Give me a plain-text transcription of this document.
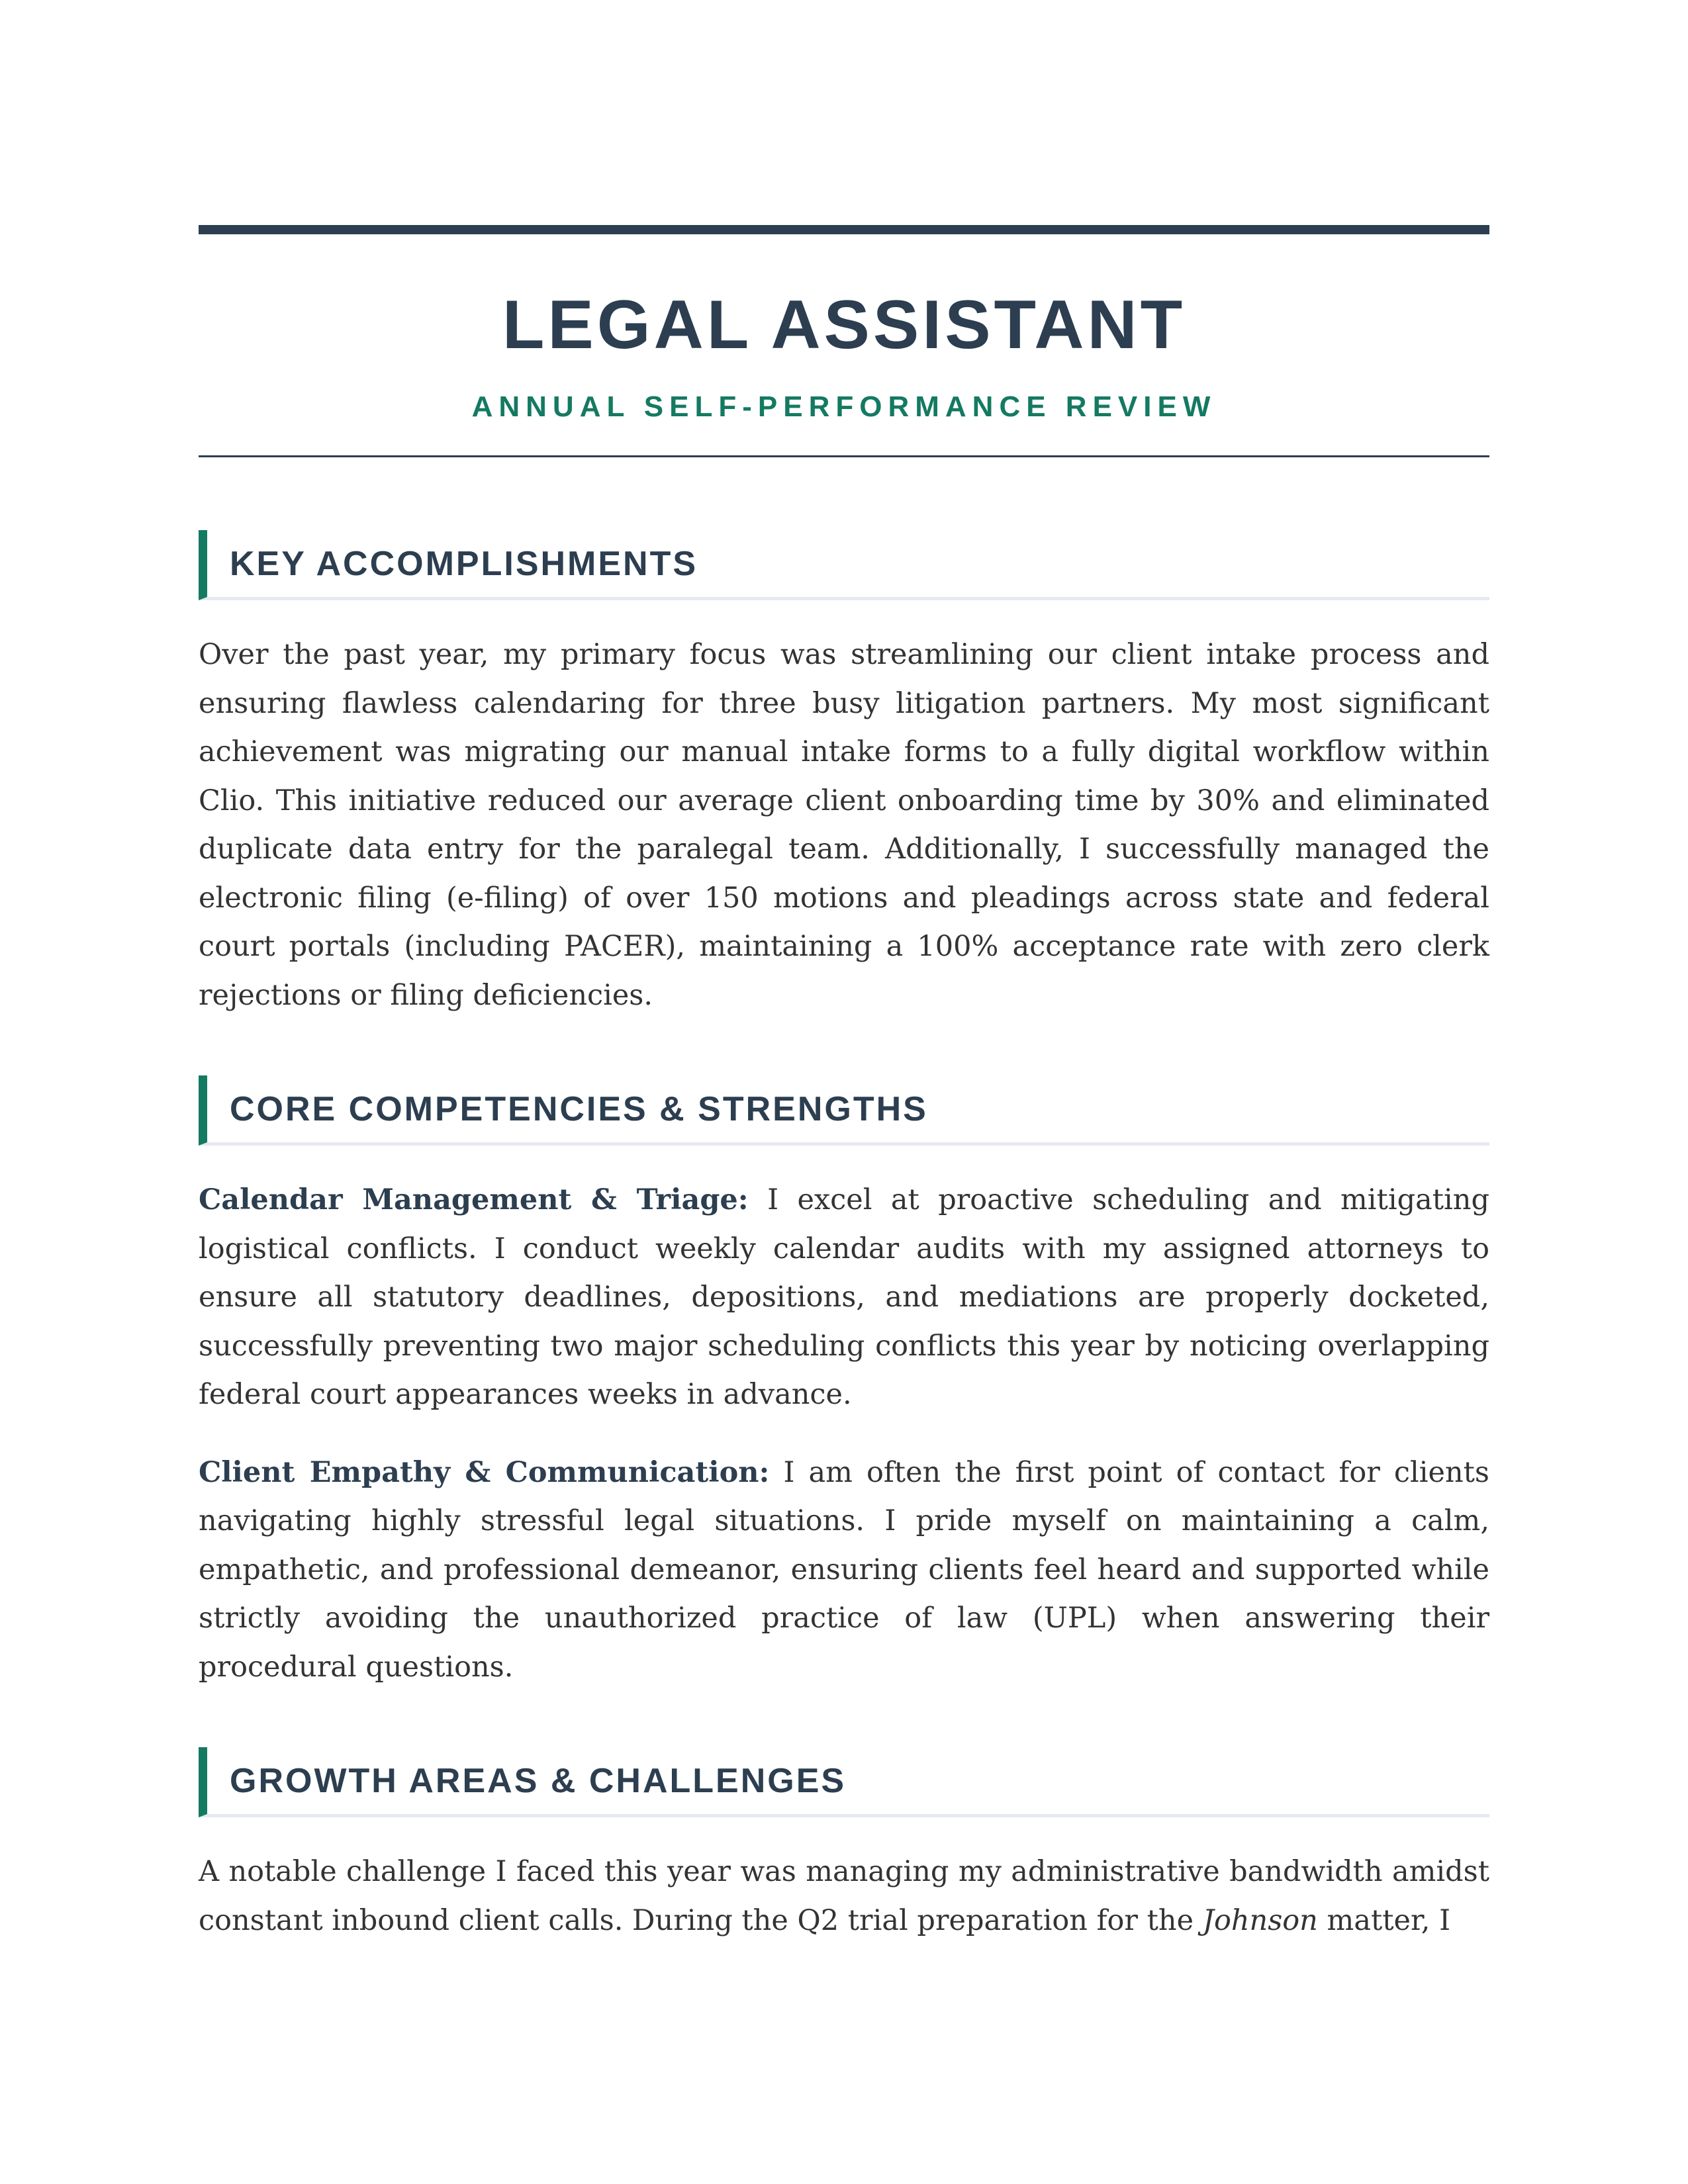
LEGAL ASSISTANT
ANNUAL SELF-PERFORMANCE REVIEW
KEY ACCOMPLISHMENTS

Over the past year, my primary focus was streamlining our client intake process and ensuring flawless calendaring for three busy litigation partners. My most significant achievement was migrating our manual intake forms to a fully digital workflow within Clio. This initiative reduced our average client onboarding time by 30% and eliminated duplicate data entry for the paralegal team. Additionally, I successfully managed the electronic filing (e-filing) of over 150 motions and pleadings across state and federal court portals (including PACER), maintaining a 100% acceptance rate with zero clerk rejections or filing deficiencies.

CORE COMPETENCIES & STRENGTHS

Calendar Management & Triage: I excel at proactive scheduling and mitigating logistical conflicts. I conduct weekly calendar audits with my assigned attorneys to ensure all statutory deadlines, depositions, and mediations are properly docketed, successfully preventing two major scheduling conflicts this year by noticing overlapping federal court appearances weeks in advance.

Client Empathy & Communication: I am often the first point of contact for clients navigating highly stressful legal situations. I pride myself on maintaining a calm, empathetic, and professional demeanor, ensuring clients feel heard and supported while strictly avoiding the unauthorized practice of law (UPL) when answering their procedural questions.

GROWTH AREAS & CHALLENGES

A notable challenge I faced this year was managing my administrative bandwidth amidst constant inbound client calls. During the Q2 trial preparation for the Johnson matter, I
